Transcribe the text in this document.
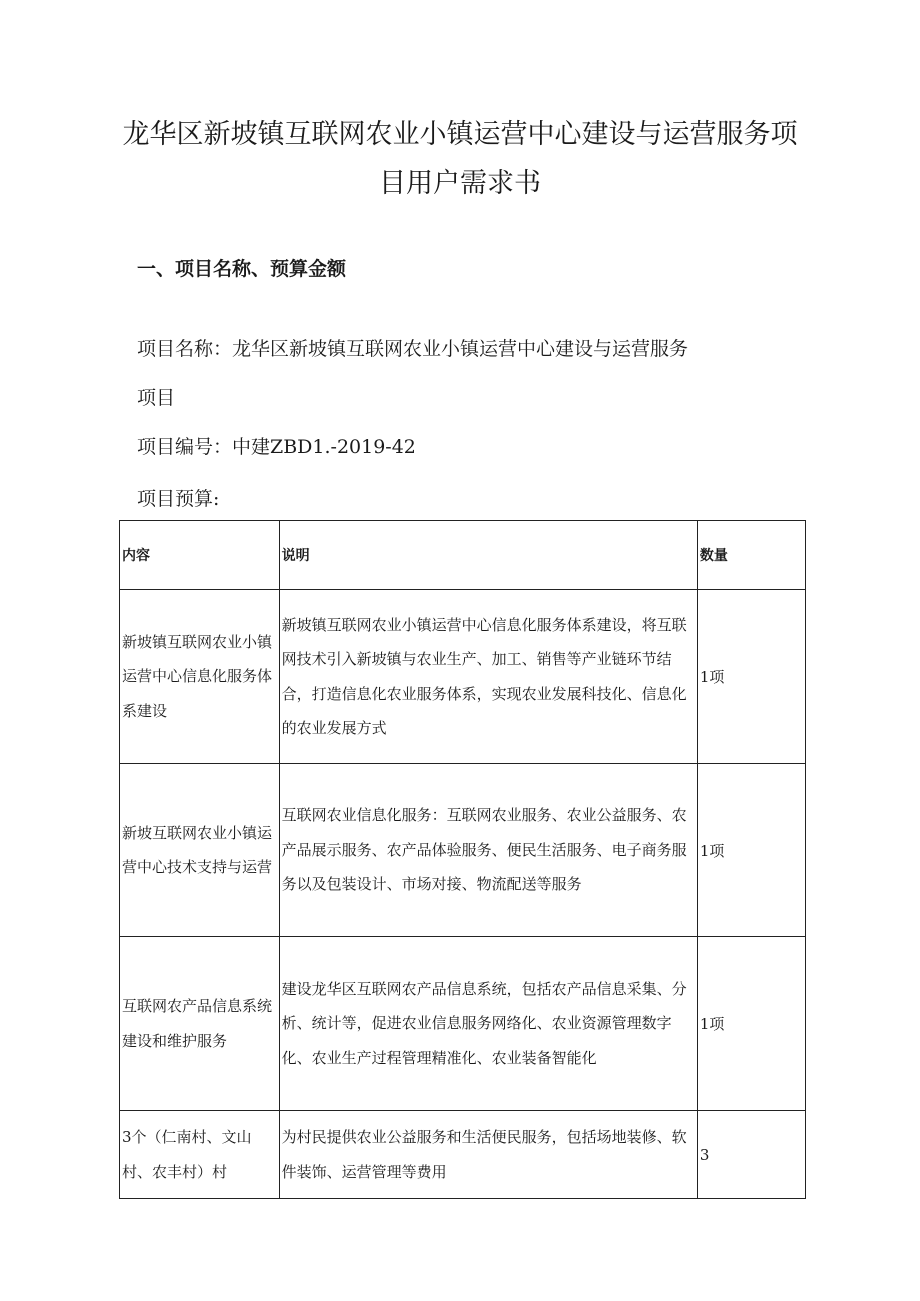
龙华区新坡镇互联网农业小镇运营中心建设与运营服务项
目用户需求书
一、项目名称、预算金额

项目名称：龙华区新坡镇互联网农业小镇运营中心建设与运营服务

项目

项目编号：中建ZBD1.-2019-42

项目预算:

内容	说明	数量

新坡镇互联网农业小镇运营中心信息化服务体系建设	新坡镇互联网农业小镇运营中心信息化服务体系建设，将互联网技术引入新坡镇与农业生产、加工、销售等产业链环节结合，打造信息化农业服务体系，实现农业发展科技化、信息化的农业发展方式	1项

新坡互联网农业小镇运营中心技术支持与运营	互联网农业信息化服务：互联网农业服务、农业公益服务、农产品展示服务、农产品体验服务、便民生活服务、电子商务服务以及包装设计、市场对接、物流配送等服务	1项

互联网农产品信息系统建设和维护服务	建设龙华区互联网农产品信息系统，包括农产品信息采集、分析、统计等，促进农业信息服务网络化、农业资源管理数字化、农业生产过程管理精准化、农业装备智能化	1项

3个（仁南村、文山村、农丰村）村	为村民提供农业公益服务和生活便民服务，包括场地装修、软件装饰、运营管理等费用	3
